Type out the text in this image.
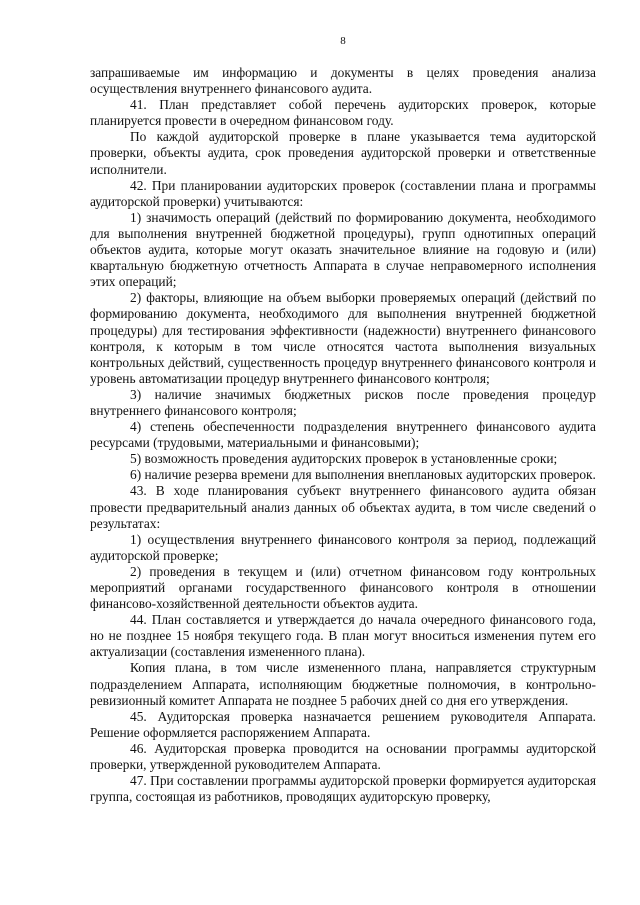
8

запрашиваемые им информацию и документы в целях проведения анализа осуществления внутреннего финансового аудита.

41. План представляет собой перечень аудиторских проверок, которые планируется провести в очередном финансовом году.

По каждой аудиторской проверке в плане указывается тема аудиторской проверки, объекты аудита, срок проведения аудиторской проверки и ответственные исполнители.

42. При планировании аудиторских проверок (составлении плана и программы аудиторской проверки) учитываются:

1) значимость операций (действий по формированию документа, необходимого для выполнения внутренней бюджетной процедуры), групп однотипных операций объектов аудита, которые могут оказать значительное влияние на годовую и (или) квартальную бюджетную отчетность Аппарата в случае неправомерного исполнения этих операций;

2) факторы, влияющие на объем выборки проверяемых операций (действий по формированию документа, необходимого для выполнения внутренней бюджетной процедуры) для тестирования эффективности (надежности) внутреннего финансового контроля, к которым в том числе относятся частота выполнения визуальных контрольных действий, существенность процедур внутреннего финансового контроля и уровень автоматизации процедур внутреннего финансового контроля;

3) наличие значимых бюджетных рисков после проведения процедур внутреннего финансового контроля;

4) степень обеспеченности подразделения внутреннего финансового аудита ресурсами (трудовыми, материальными и финансовыми);

5) возможность проведения аудиторских проверок в установленные сроки;

6) наличие резерва времени для выполнения внеплановых аудиторских проверок.

43. В ходе планирования субъект внутреннего финансового аудита обязан провести предварительный анализ данных об объектах аудита, в том числе сведений о результатах:

1) осуществления внутреннего финансового контроля за период, подлежащий аудиторской проверке;

2) проведения в текущем и (или) отчетном финансовом году контрольных мероприятий органами государственного финансового контроля в отношении финансово-хозяйственной деятельности объектов аудита.

44. План составляется и утверждается до начала очередного финансового года, но не позднее 15 ноября текущего года. В план могут вноситься изменения путем его актуализации (составления измененного плана).

Копия плана, в том числе измененного плана, направляется структурным подразделением Аппарата, исполняющим бюджетные полномочия, в контрольно-ревизионный комитет Аппарата не позднее 5 рабочих дней со дня его утверждения.

45. Аудиторская проверка назначается решением руководителя Аппарата. Решение оформляется распоряжением Аппарата.

46. Аудиторская проверка проводится на основании программы аудиторской проверки, утвержденной руководителем Аппарата.

47. При составлении программы аудиторской проверки формируется аудиторская группа, состоящая из работников, проводящих аудиторскую проверку,
